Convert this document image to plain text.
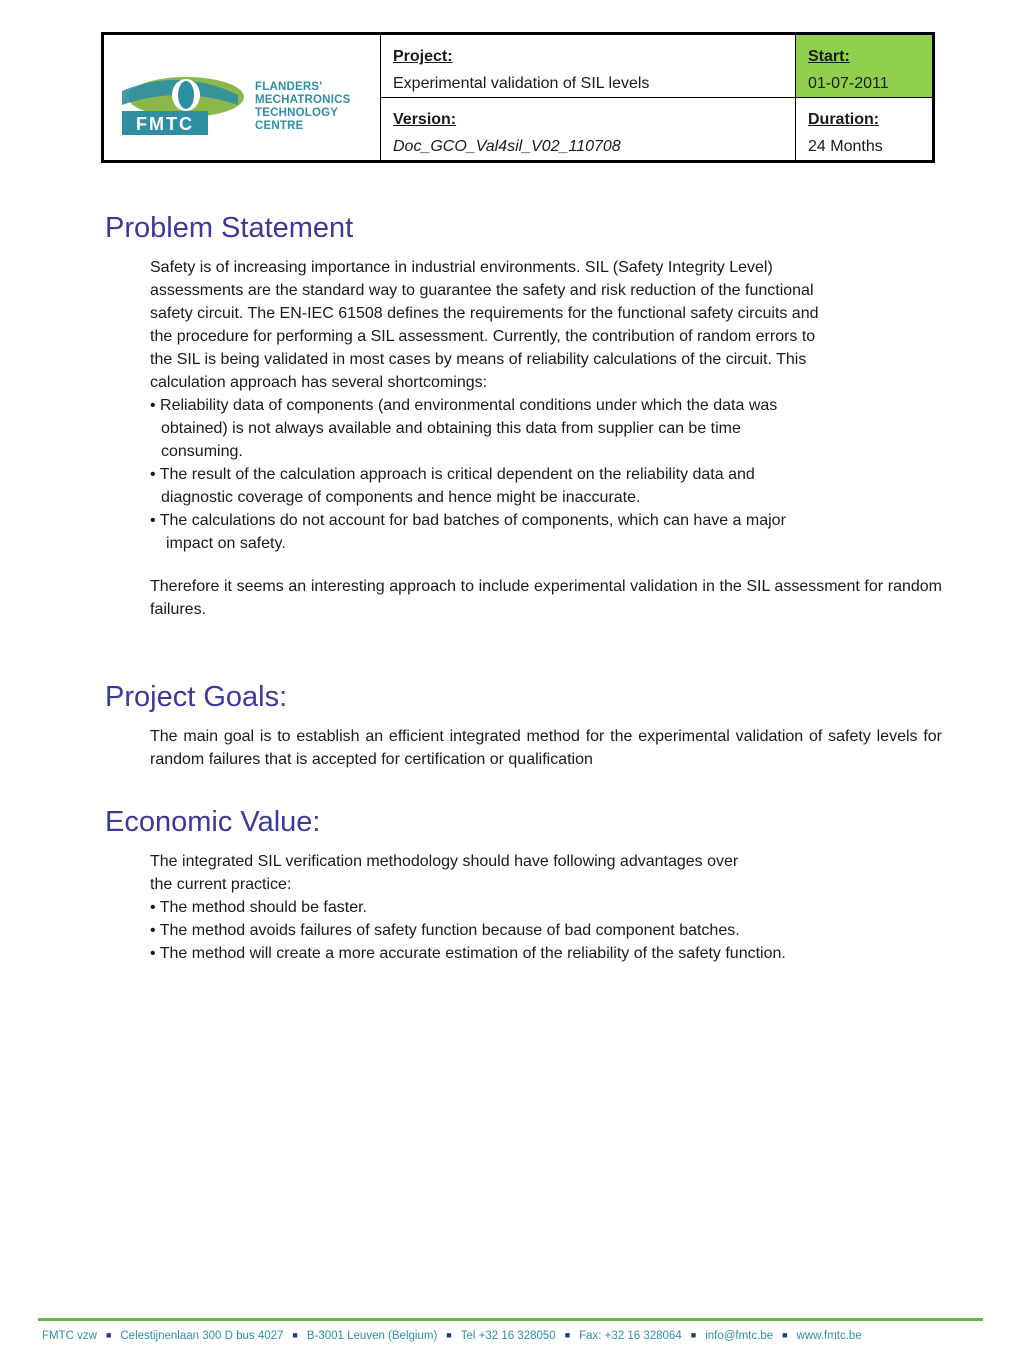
FMTC
FLANDERS'
MECHATRONICS
TECHNOLOGY
CENTRE
Project:
Experimental validation of SIL levels
Start:
01-07-2011
Version:
Doc_GCO_Val4sil_V02_110708
Duration:
24 Months
Problem Statement

Safety is of increasing importance in industrial environments. SIL (Safety Integrity Level)

assessments are the standard way to guarantee the safety and risk reduction of the functional

safety circuit. The EN-IEC 61508 defines the requirements for the functional safety circuits and

the procedure for performing a SIL assessment. Currently, the contribution of random errors to

the SIL is being validated in most cases by means of reliability calculations of the circuit. This

calculation approach has several shortcomings:

• Reliability data of components (and environmental conditions under which the data was

obtained) is not always available and obtaining this data from supplier can be time

consuming.

• The result of the calculation approach is critical dependent on the reliability data and

diagnostic coverage of components and hence might be inaccurate.

• The calculations do not account for bad batches of components, which can have a major

impact on safety.

Therefore it seems an interesting approach to include experimental validation in the SIL assessment for random failures.
Project Goals:
The main goal is to establish an efficient integrated method for the experimental validation of safety levels for random failures that is accepted for certification or qualification
Economic Value:

The integrated SIL verification methodology should have following advantages over

the current practice:

• The method should be faster.

• The method avoids failures of safety function because of bad component batches.

• The method will create a more accurate estimation of the reliability of the safety function.

FMTC vzw ■ Celestijnenlaan 300 D bus 4027 ■ B-3001 Leuven (Belgium) ■ Tel +32 16 328050 ■ Fax: +32 16 328064 ■ info@fmtc.be ■ www.fmtc.be
